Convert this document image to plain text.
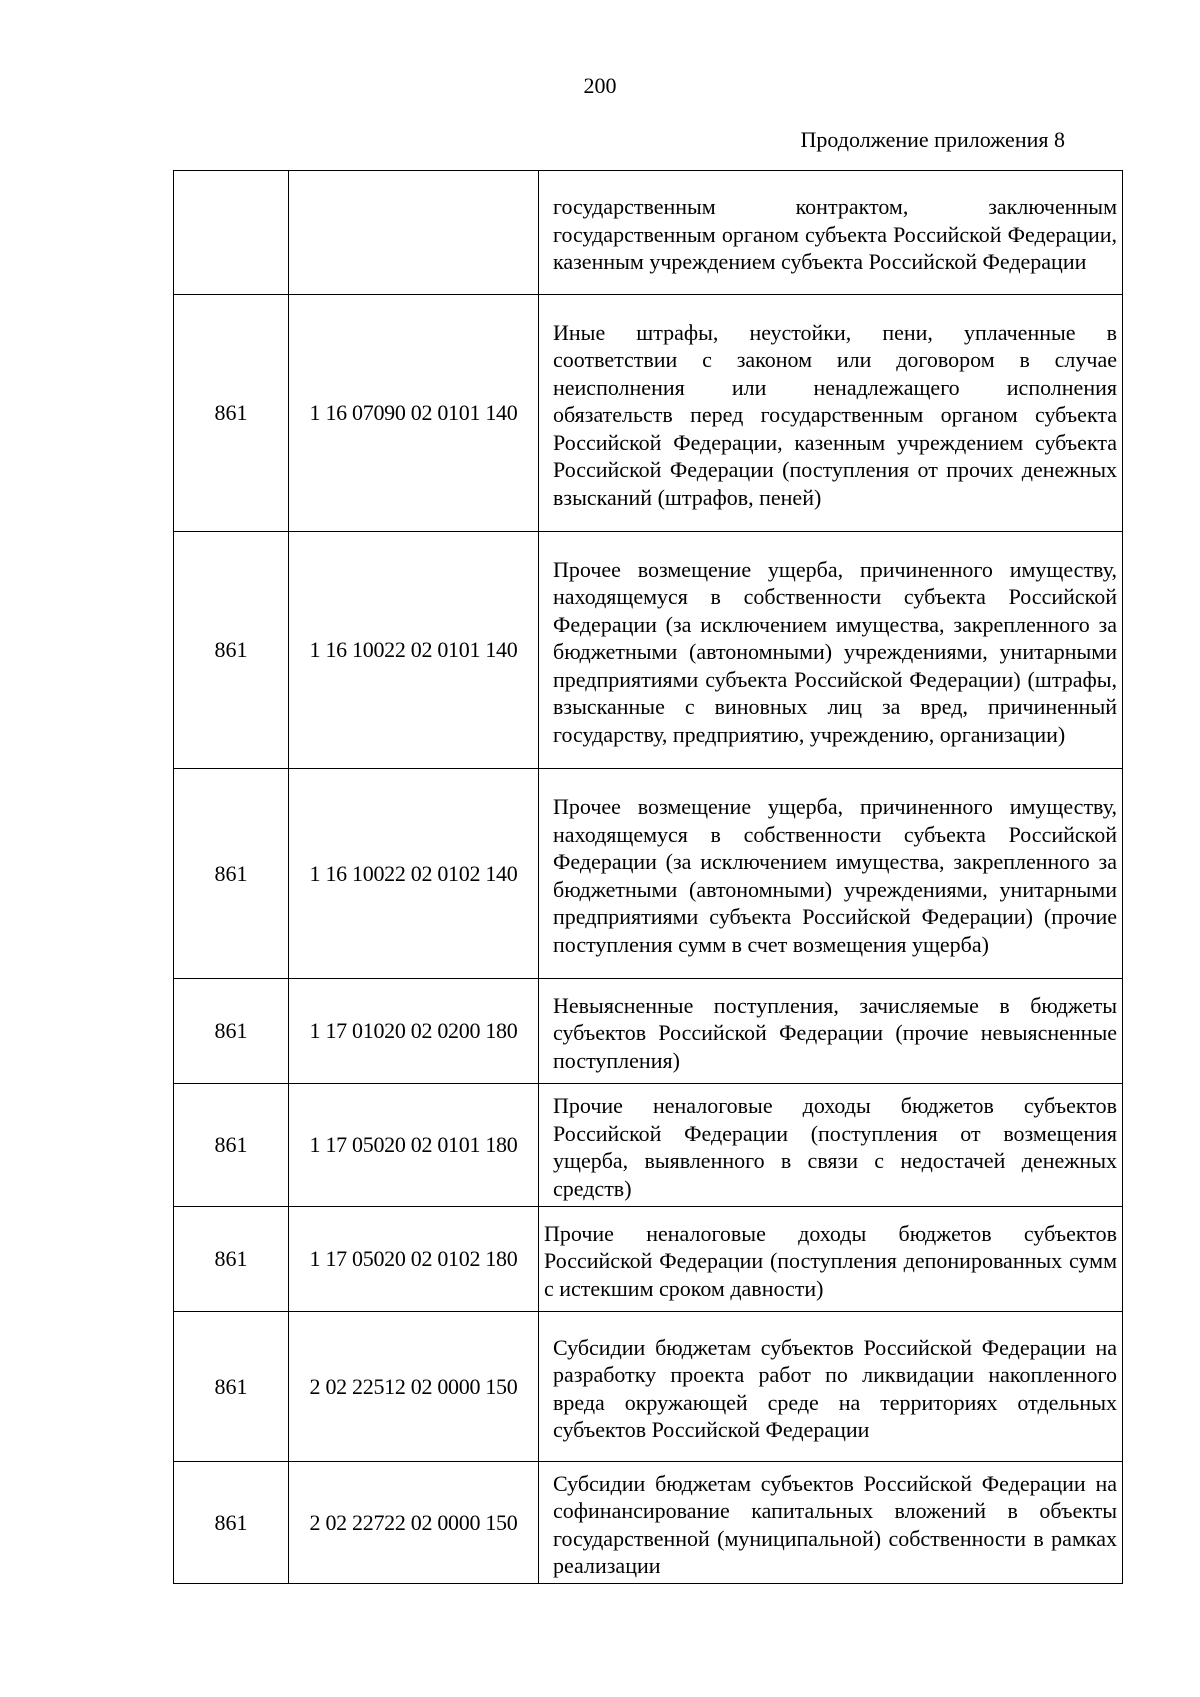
200
Продолжение приложения 8
		государственным контрактом, заключенным государственным органом субъекта Российской Федерации, казенным учреждением субъекта Российской Федерации
861	1 16 07090 02 0101 140	Иные штрафы, неустойки, пени, уплаченные в соответствии с законом или договором в случае неисполнения или ненадлежащего исполнения обязательств перед государственным органом субъекта Российской Федерации, казенным учреждением субъекта Российской Федерации (поступления от прочих денежных взысканий (штрафов, пеней)
861	1 16 10022 02 0101 140	Прочее возмещение ущерба, причиненного имуществу, находящемуся в собственности субъекта Российской Федерации (за исключением имущества, закрепленного за бюджетными (автономными) учреждениями, унитарными предприятиями субъекта Российской Федерации) (штрафы, взысканные с виновных лиц за вред, причиненный государству, предприятию, учреждению, организации)
861	1 16 10022 02 0102 140	Прочее возмещение ущерба, причиненного имуществу, находящемуся в собственности субъекта Российской Федерации (за исключением имущества, закрепленного за бюджетными (автономными) учреждениями, унитарными предприятиями субъекта Российской Федерации) (прочие поступления сумм в счет возмещения ущерба)
861	1 17 01020 02 0200 180	Невыясненные поступления, зачисляемые в бюджеты субъектов Российской Федерации (прочие невыясненные поступления)
861	1 17 05020 02 0101 180	Прочие неналоговые доходы бюджетов субъектов Российской Федерации (поступления от возмещения ущерба, выявленного в связи с недостачей денежных средств)
861	1 17 05020 02 0102 180	Прочие неналоговые доходы бюджетов субъектов Российской Федерации (поступления депонированных сумм с истекшим сроком давности)
861	2 02 22512 02 0000 150	Субсидии бюджетам субъектов Российской Федерации на разработку проекта работ по ликвидации накопленного вреда окружающей среде на территориях отдельных субъектов Российской Федерации
861	2 02 22722 02 0000 150	Субсидии бюджетам субъектов Российской Федерации на софинансирование капитальных вложений в объекты государственной (муниципальной) собственности в рамках реализации
